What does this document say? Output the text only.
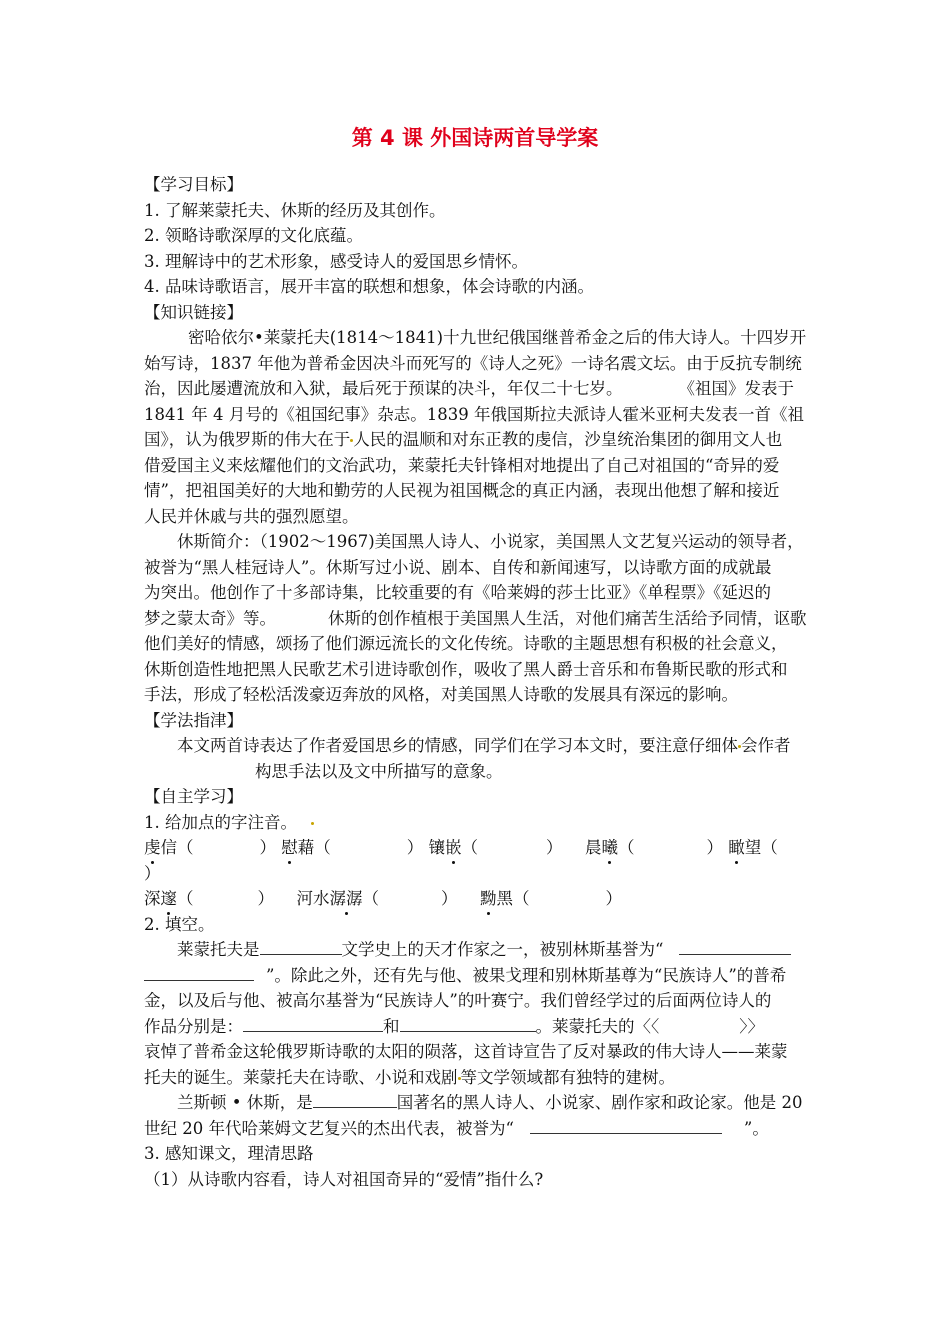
第 4 课 外国诗两首导学案
【学习目标】
1. 了解莱蒙托夫、休斯的经历及其创作。
2. 领略诗歌深厚的文化底蕴。
3. 理解诗中的艺术形象，感受诗人的爱国思乡情怀。
4. 品味诗歌语言，展开丰富的联想和想象，体会诗歌的内涵。
【知识链接】
密哈依尔•莱蒙托夫(1814～1841)十九世纪俄国继普希金之后的伟大诗人。十四岁开
始写诗，1837 年他为普希金因决斗而死写的《诗人之死》一诗名震文坛。由于反抗专制统
治，因此屡遭流放和入狱，最后死于预谋的决斗，年仅二十七岁。	《祖国》发表于
1841 年 4 月号的《祖国纪事》杂志。1839 年俄国斯拉夫派诗人霍米亚柯夫发表一首《祖
国》，认为俄罗斯的伟大在于 人民的温顺和对东正教的虔信，沙皇统治集团的御用文人也
借爱国主义来炫耀他们的文治武功，莱蒙托夫针锋相对地提出了自己对祖国的“奇异的爱
情”，把祖国美好的大地和勤劳的人民视为祖国概念的真正内涵，表现出他想了解和接近
人民并休戚与共的强烈愿望。
休斯简介：（1902～1967)美国黑人诗人、小说家，美国黑人文艺复兴运动的领导者，
被誉为“黑人桂冠诗人”。休斯写过小说、剧本、自传和新闻速写，以诗歌方面的成就最
为突出。他创作了十多部诗集，比较重要的有《哈莱姆的莎士比亚》《单程票》《延迟的
梦之蒙太奇》等。	休斯的创作植根于美国黑人生活，对他们痛苦生活给予同情，讴歌
他们美好的情感，颂扬了他们源远流长的文化传统。诗歌的主题思想有积极的社会意义，
休斯创造性地把黑人民歌艺术引进诗歌创作，吸收了黑人爵士音乐和布鲁斯民歌的形式和
手法，形成了轻松活泼豪迈奔放的风格，对美国黑人诗歌的发展具有深远的影响。
【学法指津】
本文两首诗表达了作者爱国思乡的情感，同学们在学习本文时，要注意仔细体 会作者
构思手法以及文中所描写的意象。
【自主学习】
1. 给加点的字注音。
虔信（	） 慰藉（	） 镶嵌（	） 晨曦（	） 瞰望（
）
深邃（	） 河水潺潺（	） 黝黑（	）
2. 填空。
莱蒙托夫是	文学史上的天才作家之一，被别林斯基誉为“
”。除此之外，还有先与他、被果戈理和别林斯基尊为“民族诗人”的普希
金，以及后与他、被高尔基誉为“民族诗人”的叶赛宁。我们曾经学过的后面两位诗人的
作品分别是：	和	。莱蒙托夫的〈〈	〉〉
哀悼了普希金这轮俄罗斯诗歌的太阳的陨落，这首诗宣告了反对暴政的伟大诗人——莱蒙
托夫的诞生。莱蒙托夫在诗歌、小说和戏剧 等文学领域都有独特的建树。
兰斯顿 • 休斯，是	国著名的黑人诗人、小说家、剧作家和政论家。他是 20
世纪 20 年代哈莱姆文艺复兴的杰出代表，被誉为“	”。
3. 感知课文，理清思路
（1）从诗歌内容看，诗人对祖国奇异的“爱情”指什么?
